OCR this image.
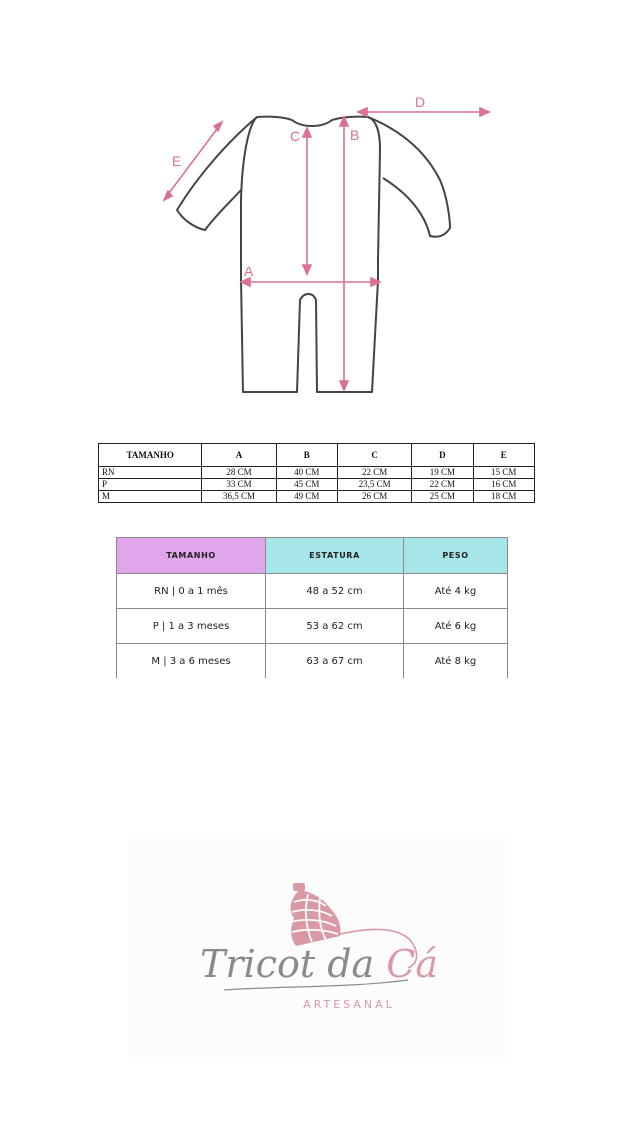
E
C	B
A
D
TAMANHO	A	B	C	D	E
RN	28 CM	40 CM	22 CM	19 CM	15 CM
P	33 CM	45 CM	23,5 CM	22 CM	16 CM
M	36,5 CM	49 CM	26 CM	25 CM	18 CM
TAMANHO	ESTATURA	PESO
RN | 0 a 1 mês	48 a 52 cm	Até 4 kg
P | 1 a 3 meses	53 a 62 cm	Até 6 kg
M | 3 a 6 meses	63 a 67 cm	Até 8 kg
Tricot da Cá
ARTESANAL
